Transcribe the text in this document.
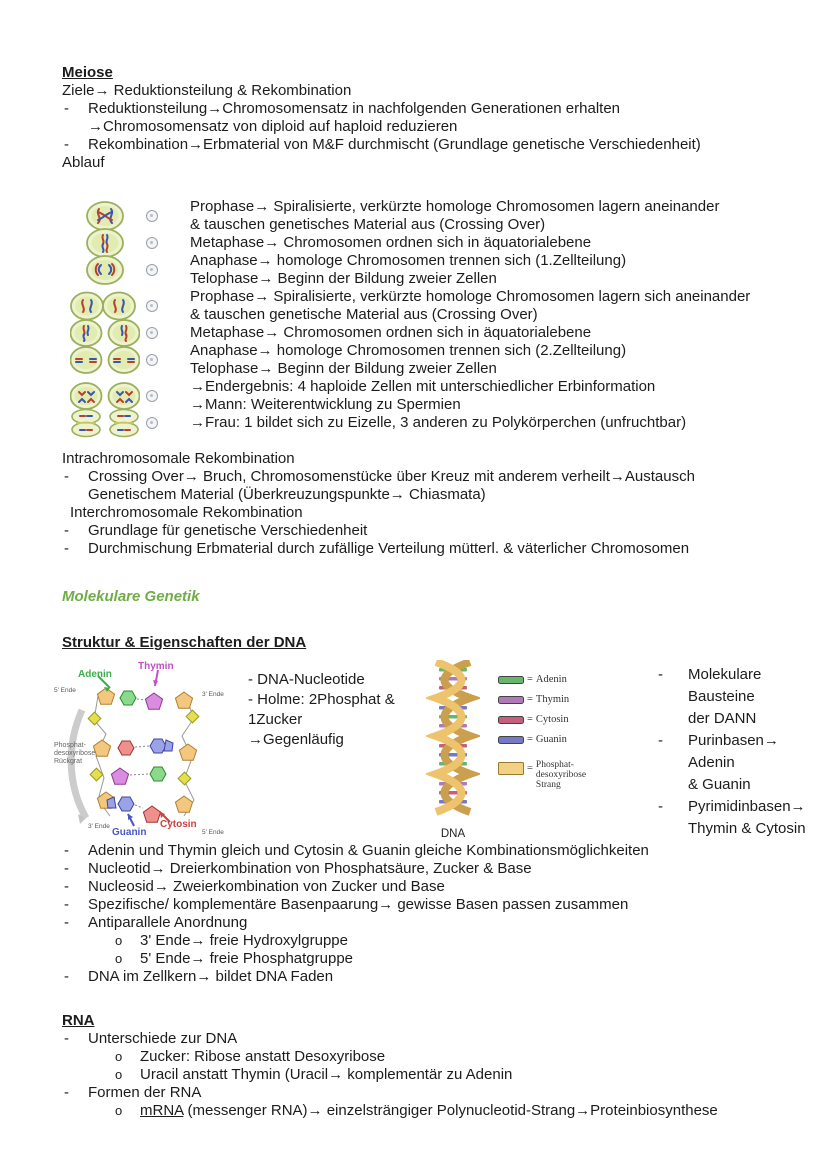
Meiose
Ziele→ Reduktionsteilung & Rekombination
- Reduktionsteilung→Chromosomensatz in nachfolgenden Generationen erhalten
→Chromosomensatz von diploid auf haploid reduzieren
- Rekombination→Erbmaterial von M&F durchmischt (Grundlage genetische Verschiedenheit)
Ablauf
Prophase→ Spiralisierte, verkürzte homologe Chromosomen lagern aneinander
& tauschen genetisches Material aus (Crossing Over)
Metaphase→ Chromosomen ordnen sich in äquatorialebene
Anaphase→ homologe Chromosomen trennen sich (1.Zellteilung)
Telophase→ Beginn der Bildung zweier Zellen
Prophase→ Spiralisierte, verkürzte homologe Chromosomen lagern sich aneinander
& tauschen genetische Material aus (Crossing Over)
Metaphase→ Chromosomen ordnen sich in äquatorialebene
Anaphase→ homologe Chromosomen trennen sich (2.Zellteilung)
Telophase→ Beginn der Bildung zweier Zellen
→Endergebnis: 4 haploide Zellen mit unterschiedlicher Erbinformation
→Mann: Weiterentwicklung zu Spermien
→Frau: 1 bildet sich zu Eizelle, 3 anderen zu Polykörperchen (unfruchtbar)
Intrachromosomale Rekombination
- Crossing Over→ Bruch, Chromosomenstücke über Kreuz mit anderem verheilt→Austausch
Genetischem Material (Überkreuzungspunkte→ Chiasmata)
Interchromosomale Rekombination
- Grundlage für genetische Verschiedenheit
- Durchmischung Erbmaterial durch zufällige Verteilung mütterl. & väterlicher Chromosomen
Molekulare Genetik
Struktur & Eigenschaften der DNA
Adenin
Thymin
5' Ende
3' Ende
3' Ende
5' Ende
Phosphat-desoxyribose Rückgrat
Guanin
Cytosin
- DNA-Nucleotide
- Holme: 2Phosphat &
1Zucker
→Gegenläufig
DNA
= Adenin
= Thymin
= Cytosin
= Guanin
= Phosphat-desoxyribose Strang
- Molekulare Bausteine
der DANN
- Purinbasen→ Adenin
& Guanin
- Pyrimidinbasen→
Thymin & Cytosin
- Adenin und Thymin gleich und Cytosin & Guanin gleiche Kombinationsmöglichkeiten
- Nucleotid→ Dreierkombination von Phosphatsäure, Zucker & Base
- Nucleosid→ Zweierkombination von Zucker und Base
- Spezifische/ komplementäre Basenpaarung→ gewisse Basen passen zusammen
- Antiparallele Anordnung
o 3' Ende→ freie Hydroxylgruppe
o 5' Ende→ freie Phosphatgruppe
- DNA im Zellkern→ bildet DNA Faden
RNA
- Unterschiede zur DNA
o Zucker: Ribose anstatt Desoxyribose
o Uracil anstatt Thymin (Uracil→ komplementär zu Adenin
- Formen der RNA
o mRNA (messenger RNA)→ einzelsträngiger Polynucleotid-Strang→Proteinbiosynthese
